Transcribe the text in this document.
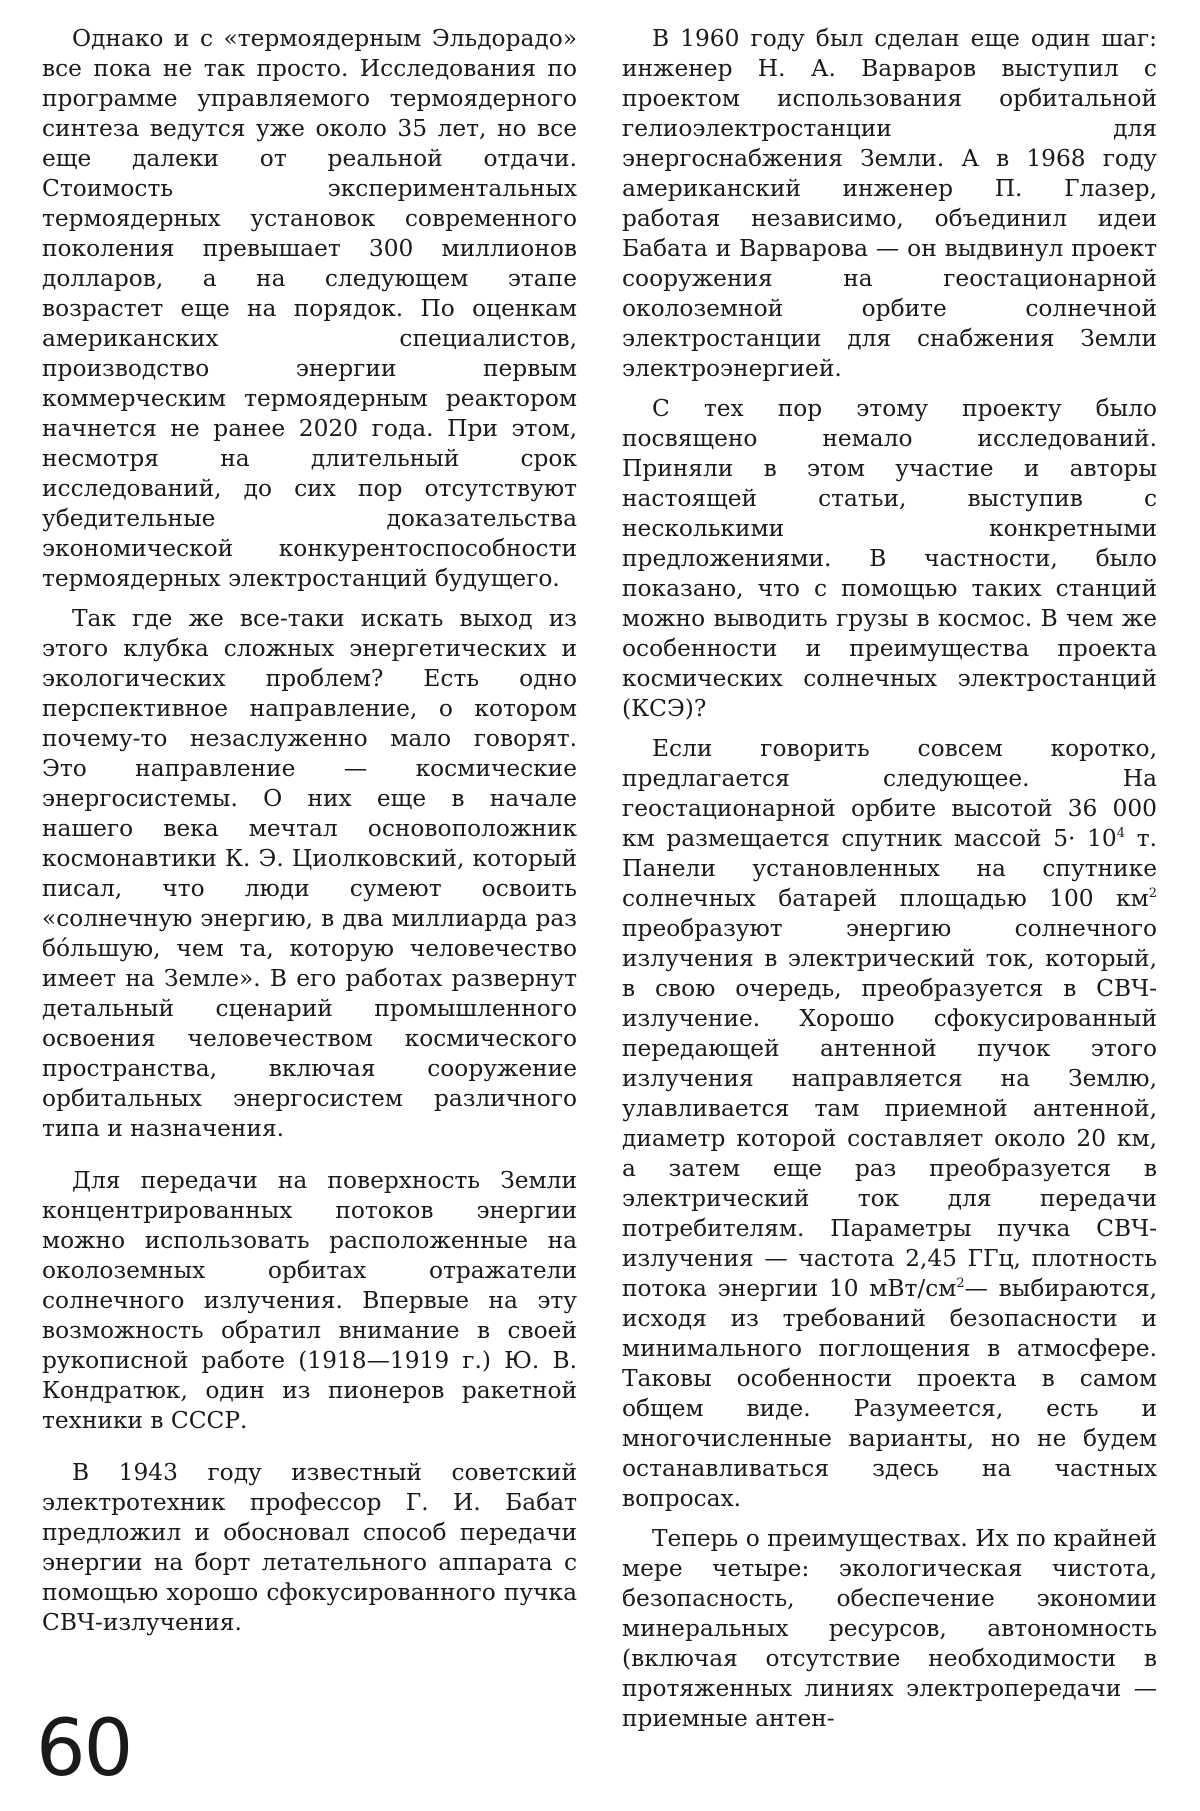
Однако и с «термоядерным Эльдорадо» все пока не так просто. Исследования по программе управляемого термоядерного синтеза ведутся уже около 35 лет, но все еще далеки от реальной отдачи. Стоимость экспериментальных термоядерных установок современного поколения превышает 300 миллионов долларов, а на следующем этапе возрастет еще на порядок. По оценкам американских специалистов, производство энергии первым коммерческим термоядерным реактором начнется не ранее 2020 года. При этом, несмотря на длительный срок исследований, до сих пор отсутствуют убедительные доказательства экономической конкурентоспособности термоядерных электростанций будущего.

Так где же все-таки искать выход из этого клубка сложных энергетических и экологических проблем? Есть одно перспективное направление, о котором почему-то незаслуженно мало говорят. Это направление — космические энергосистемы. О них еще в начале нашего века мечтал основоположник космонавтики К. Э. Циолковский, который писал, что люди сумеют освоить «солнечную энергию, в два миллиарда раз бóльшую, чем та, которую человечество имеет на Земле». В его работах развернут детальный сценарий промышленного освоения человечеством космического пространства, включая сооружение орбитальных энергосистем различного типа и назначения.

Для передачи на поверхность Земли концентрированных потоков энергии можно использовать расположенные на околоземных орбитах отражатели солнечного излучения. Впервые на эту возможность обратил внимание в своей рукописной работе (1918—1919 г.) Ю. В. Кондратюк, один из пионеров ракетной техники в СССР.

В 1943 году известный советский электротехник профессор Г. И. Бабат предложил и обосновал способ передачи энергии на борт летательного аппарата с помощью хорошо сфокусированного пучка СВЧ-излучения.

В 1960 году был сделан еще один шаг: инженер Н. А. Варваров выступил с проектом использования орбитальной гелиоэлектростанции для энергоснабжения Земли. А в 1968 году американский инженер П. Глазер, работая независимо, объединил идеи Бабата и Варварова — он выдвинул проект сооружения на геостационарной околоземной орбите солнечной электростанции для снабжения Земли электроэнергией.

С тех пор этому проекту было посвящено немало исследований. Приняли в этом участие и авторы настоящей статьи, выступив с несколькими конкретными предложениями. В частности, было показано, что с помощью таких станций можно выводить грузы в космос. В чем же особенности и преимущества проекта космических солнечных электростанций (КСЭ)?

Если говорить совсем коротко, предлагается следующее. На геостационарной орбите высотой 36 000 км размещается спутник массой $5\cdot 10^4$ т. Панели установленных на спутнике солнечных батарей площадью 100 $км^2$ преобразуют энергию солнечного излучения в электрический ток, который, в свою очередь, преобразуется в СВЧ-излучение. Хорошо сфокусированный передающей антенной пучок этого излучения направляется на Землю, улавливается там приемной антенной, диаметр которой составляет около 20 км, а затем еще раз преобразуется в электрический ток для передачи потребителям. Параметры пучка СВЧ-излучения — частота 2,45 ГГц, плотность потока энергии 10 мВт/$см^2—$ выбираются, исходя из требований безопасности и минимального поглощения в атмосфере. Таковы особенности проекта в самом общем виде. Разумеется, есть и многочисленные варианты, но не будем останавливаться здесь на частных вопросах.

Теперь о преимуществах. Их по крайней мере четыре: экологическая чистота, безопасность, обеспечение экономии минеральных ресурсов, автономность (включая отсутствие необходимости в протяженных линиях электропередачи — приемные антен-

60
